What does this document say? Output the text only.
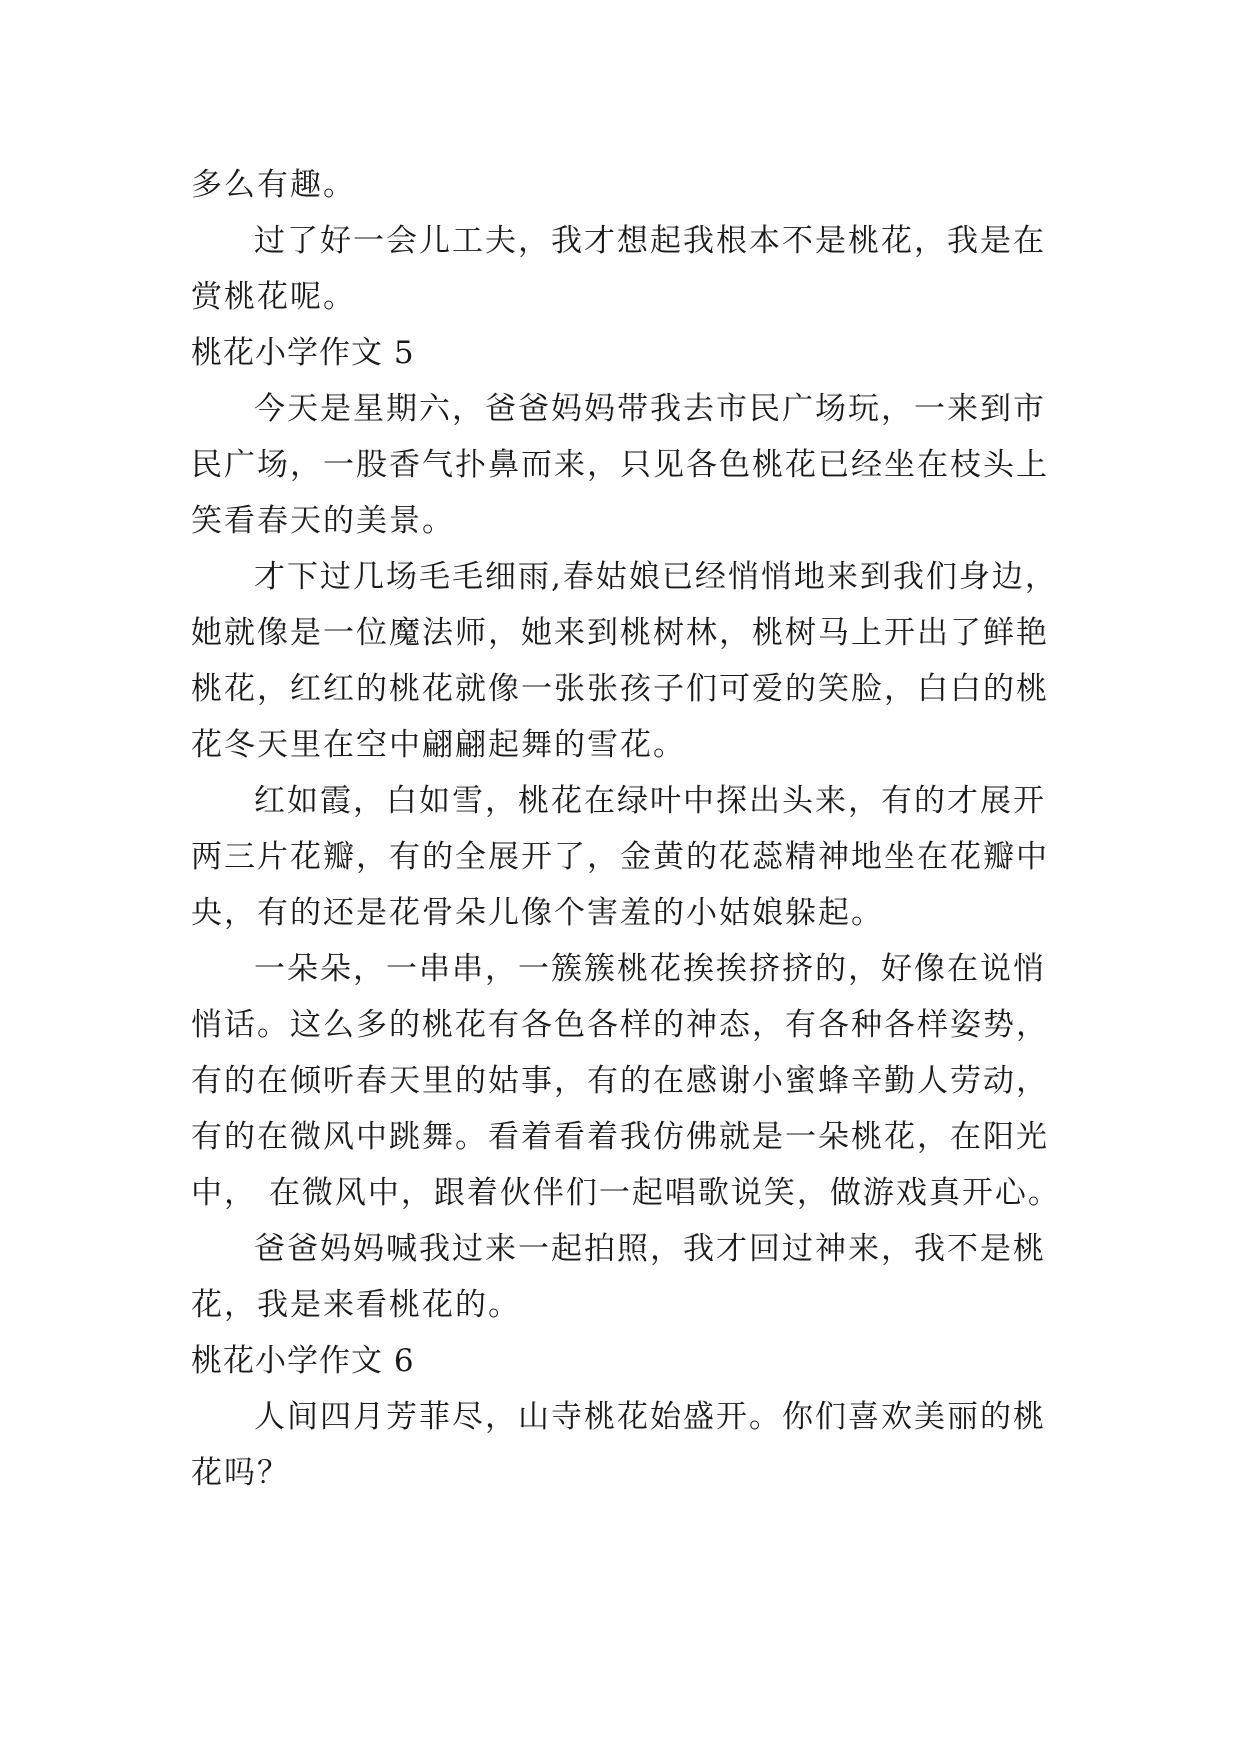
多么有趣。
过了好一会儿工夫，我才想起我根本不是桃花，我是在
赏桃花呢。
桃花小学作文 5
今天是星期六，爸爸妈妈带我去市民广场玩，一来到市
民广场，一股香气扑鼻而来，只见各色桃花已经坐在枝头上
笑看春天的美景。
才下过几场毛毛细雨,春姑娘已经悄悄地来到我们身边，
她就像是一位魔法师，她来到桃树林，桃树马上开出了鲜艳
桃花，红红的桃花就像一张张孩子们可爱的笑脸，白白的桃
花冬天里在空中翩翩起舞的雪花。
红如霞，白如雪，桃花在绿叶中探出头来，有的才展开
两三片花瓣，有的全展开了，金黄的花蕊精神地坐在花瓣中
央，有的还是花骨朵儿像个害羞的小姑娘躲起。
一朵朵，一串串，一簇簇桃花挨挨挤挤的，好像在说悄
悄话。这么多的桃花有各色各样的神态，有各种各样姿势，
有的在倾听春天里的姑事，有的在感谢小蜜蜂辛勤人劳动，
有的在微风中跳舞。看着看着我仿佛就是一朵桃花，在阳光
中， 在微风中，跟着伙伴们一起唱歌说笑，做游戏真开心。
爸爸妈妈喊我过来一起拍照，我才回过神来，我不是桃
花，我是来看桃花的。
桃花小学作文 6
人间四月芳菲尽，山寺桃花始盛开。你们喜欢美丽的桃
花吗？
